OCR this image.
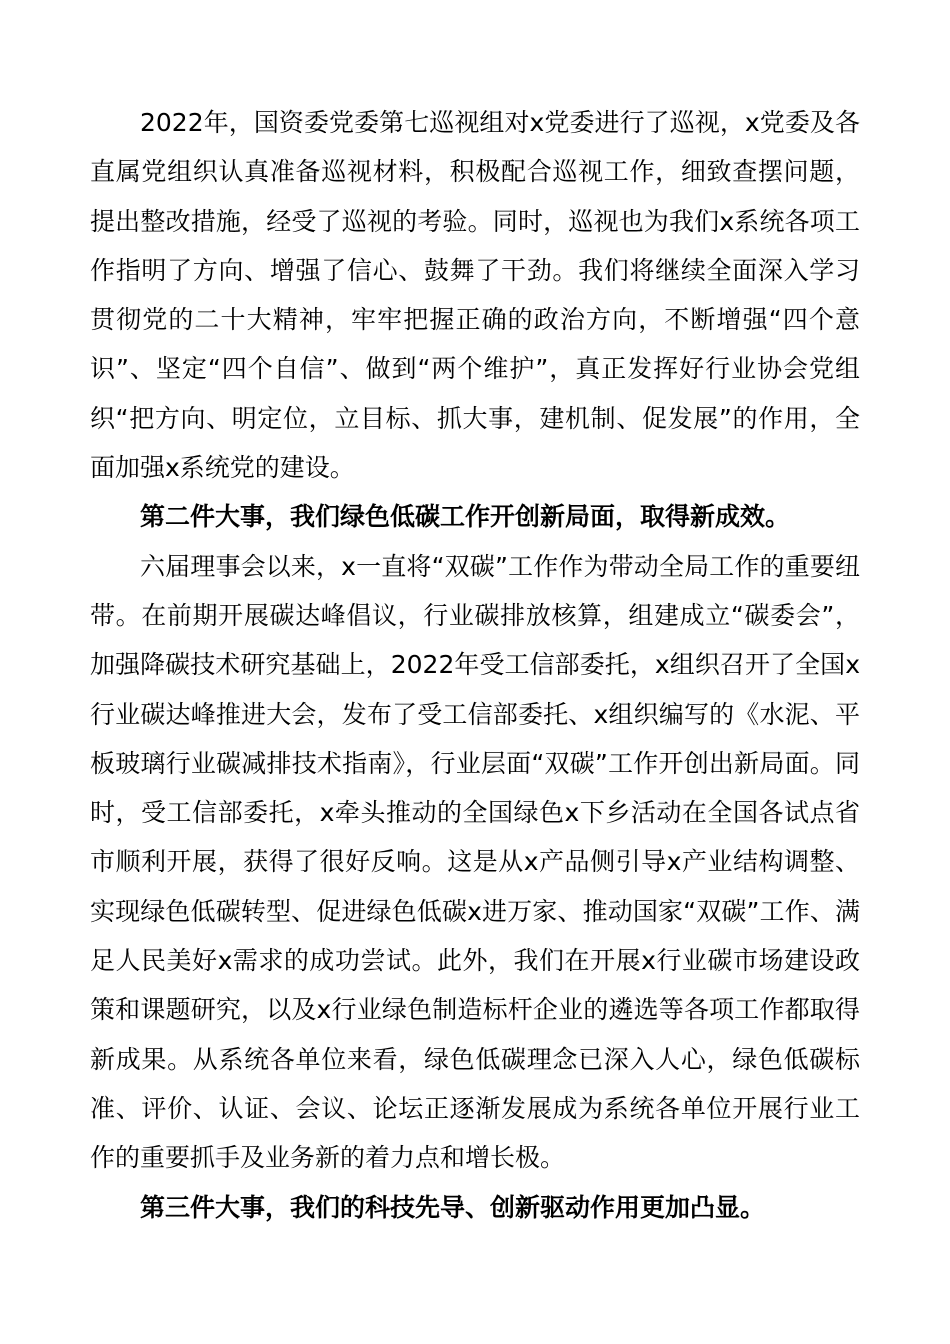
2022年，国资委党委第七巡视组对x党委进行了巡视，x党委及各直属党组织认真准备巡视材料，积极配合巡视工作，细致查摆问题，提出整改措施，经受了巡视的考验。同时，巡视也为我们x系统各项工作指明了方向、增强了信心、鼓舞了干劲。我们将继续全面深入学习贯彻党的二十大精神，牢牢把握正确的政治方向，不断增强“四个意识”、坚定“四个自信”、做到“两个维护”，真正发挥好行业协会党组织“把方向、明定位，立目标、抓大事，建机制、促发展”的作用，全面加强x系统党的建设。

第二件大事，我们绿色低碳工作开创新局面，取得新成效。

六届理事会以来，x一直将“双碳”工作作为带动全局工作的重要纽带。在前期开展碳达峰倡议，行业碳排放核算，组建成立“碳委会”，加强降碳技术研究基础上，2022年受工信部委托，x组织召开了全国x行业碳达峰推进大会，发布了受工信部委托、x组织编写的《水泥、平板玻璃行业碳减排技术指南》，行业层面“双碳”工作开创出新局面。同时，受工信部委托，x牵头推动的全国绿色x下乡活动在全国各试点省市顺利开展，获得了很好反响。这是从x产品侧引导x产业结构调整、实现绿色低碳转型、促进绿色低碳x进万家、推动国家“双碳”工作、满足人民美好x需求的成功尝试。此外，我们在开展x行业碳市场建设政策和课题研究，以及x行业绿色制造标杆企业的遴选等各项工作都取得新成果。从系统各单位来看，绿色低碳理念已深入人心，绿色低碳标准、评价、认证、会议、论坛正逐渐发展成为系统各单位开展行业工作的重要抓手及业务新的着力点和增长极。

第三件大事，我们的科技先导、创新驱动作用更加凸显。
